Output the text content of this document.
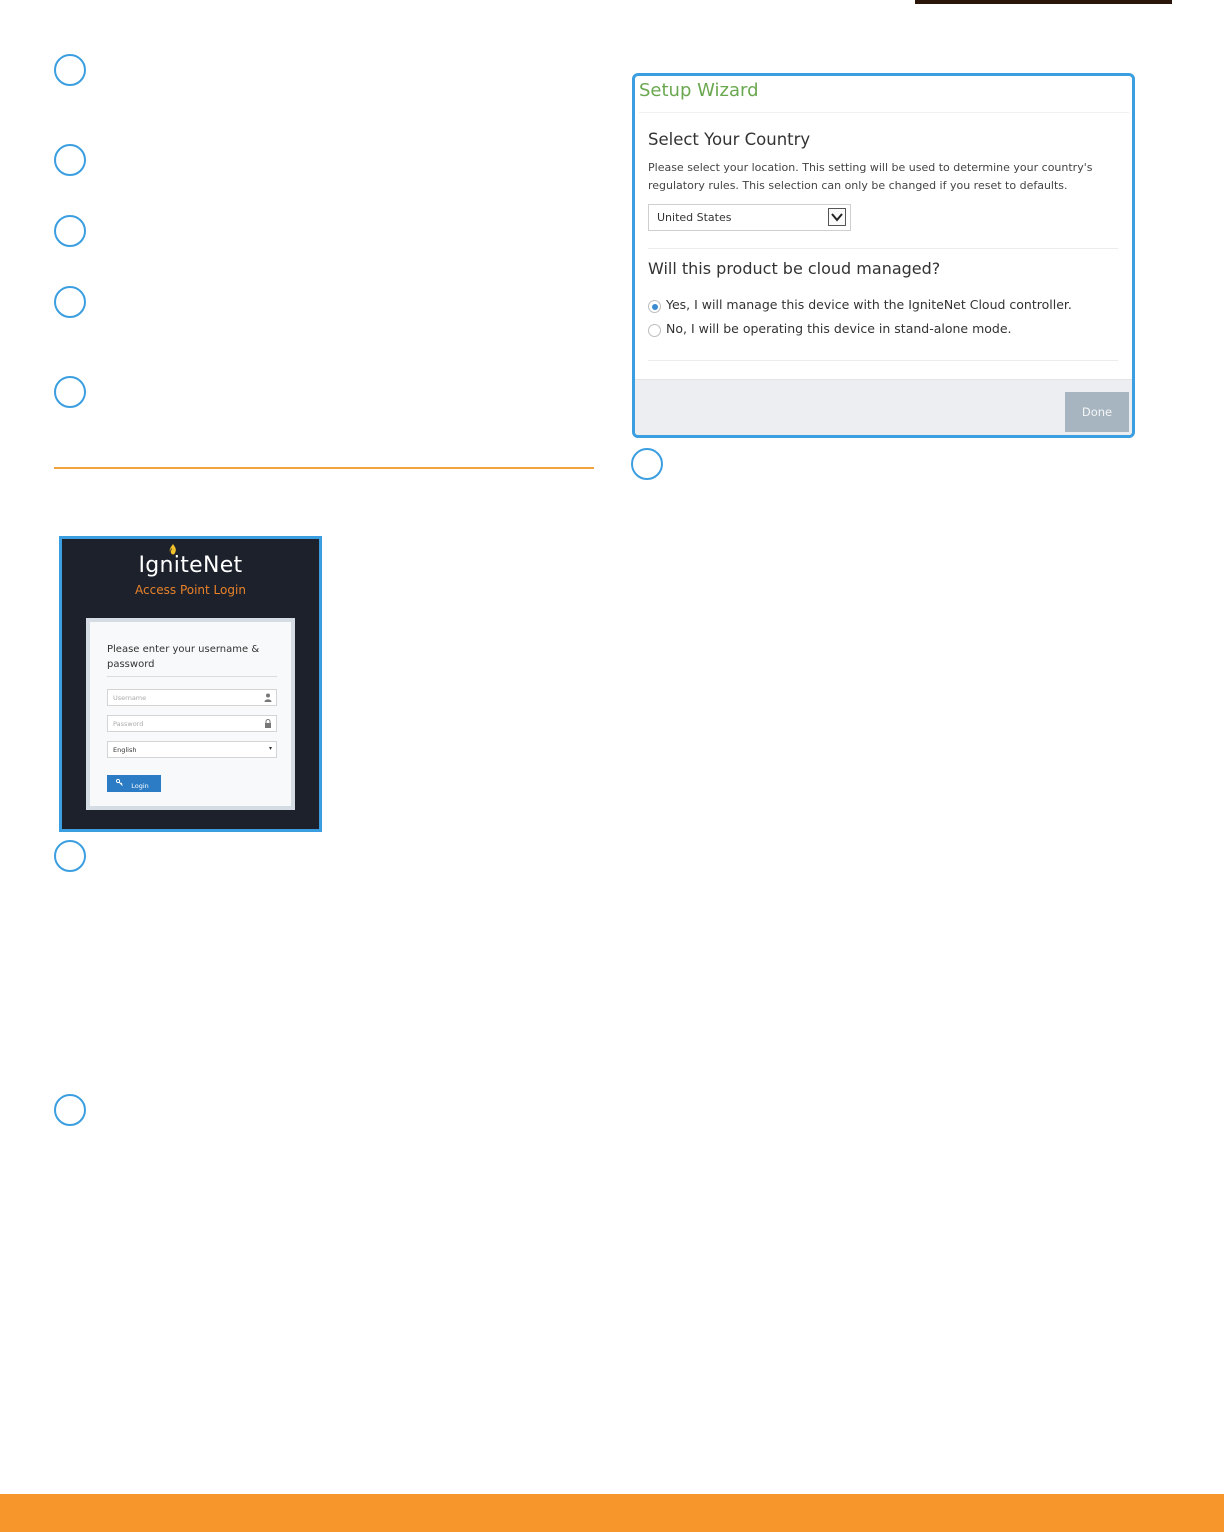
IgniteNet
Access Point Login
Please enter your username & password
Username
Password
English	▾
Login
Setup Wizard
Select Your Country
Please select your location. This setting will be used to determine your country's regulatory rules. This selection can only be changed if you reset to defaults.
United States
Will this product be cloud managed?
Yes, I will manage this device with the IgniteNet Cloud controller.
No, I will be operating this device in stand-alone mode.
Done
